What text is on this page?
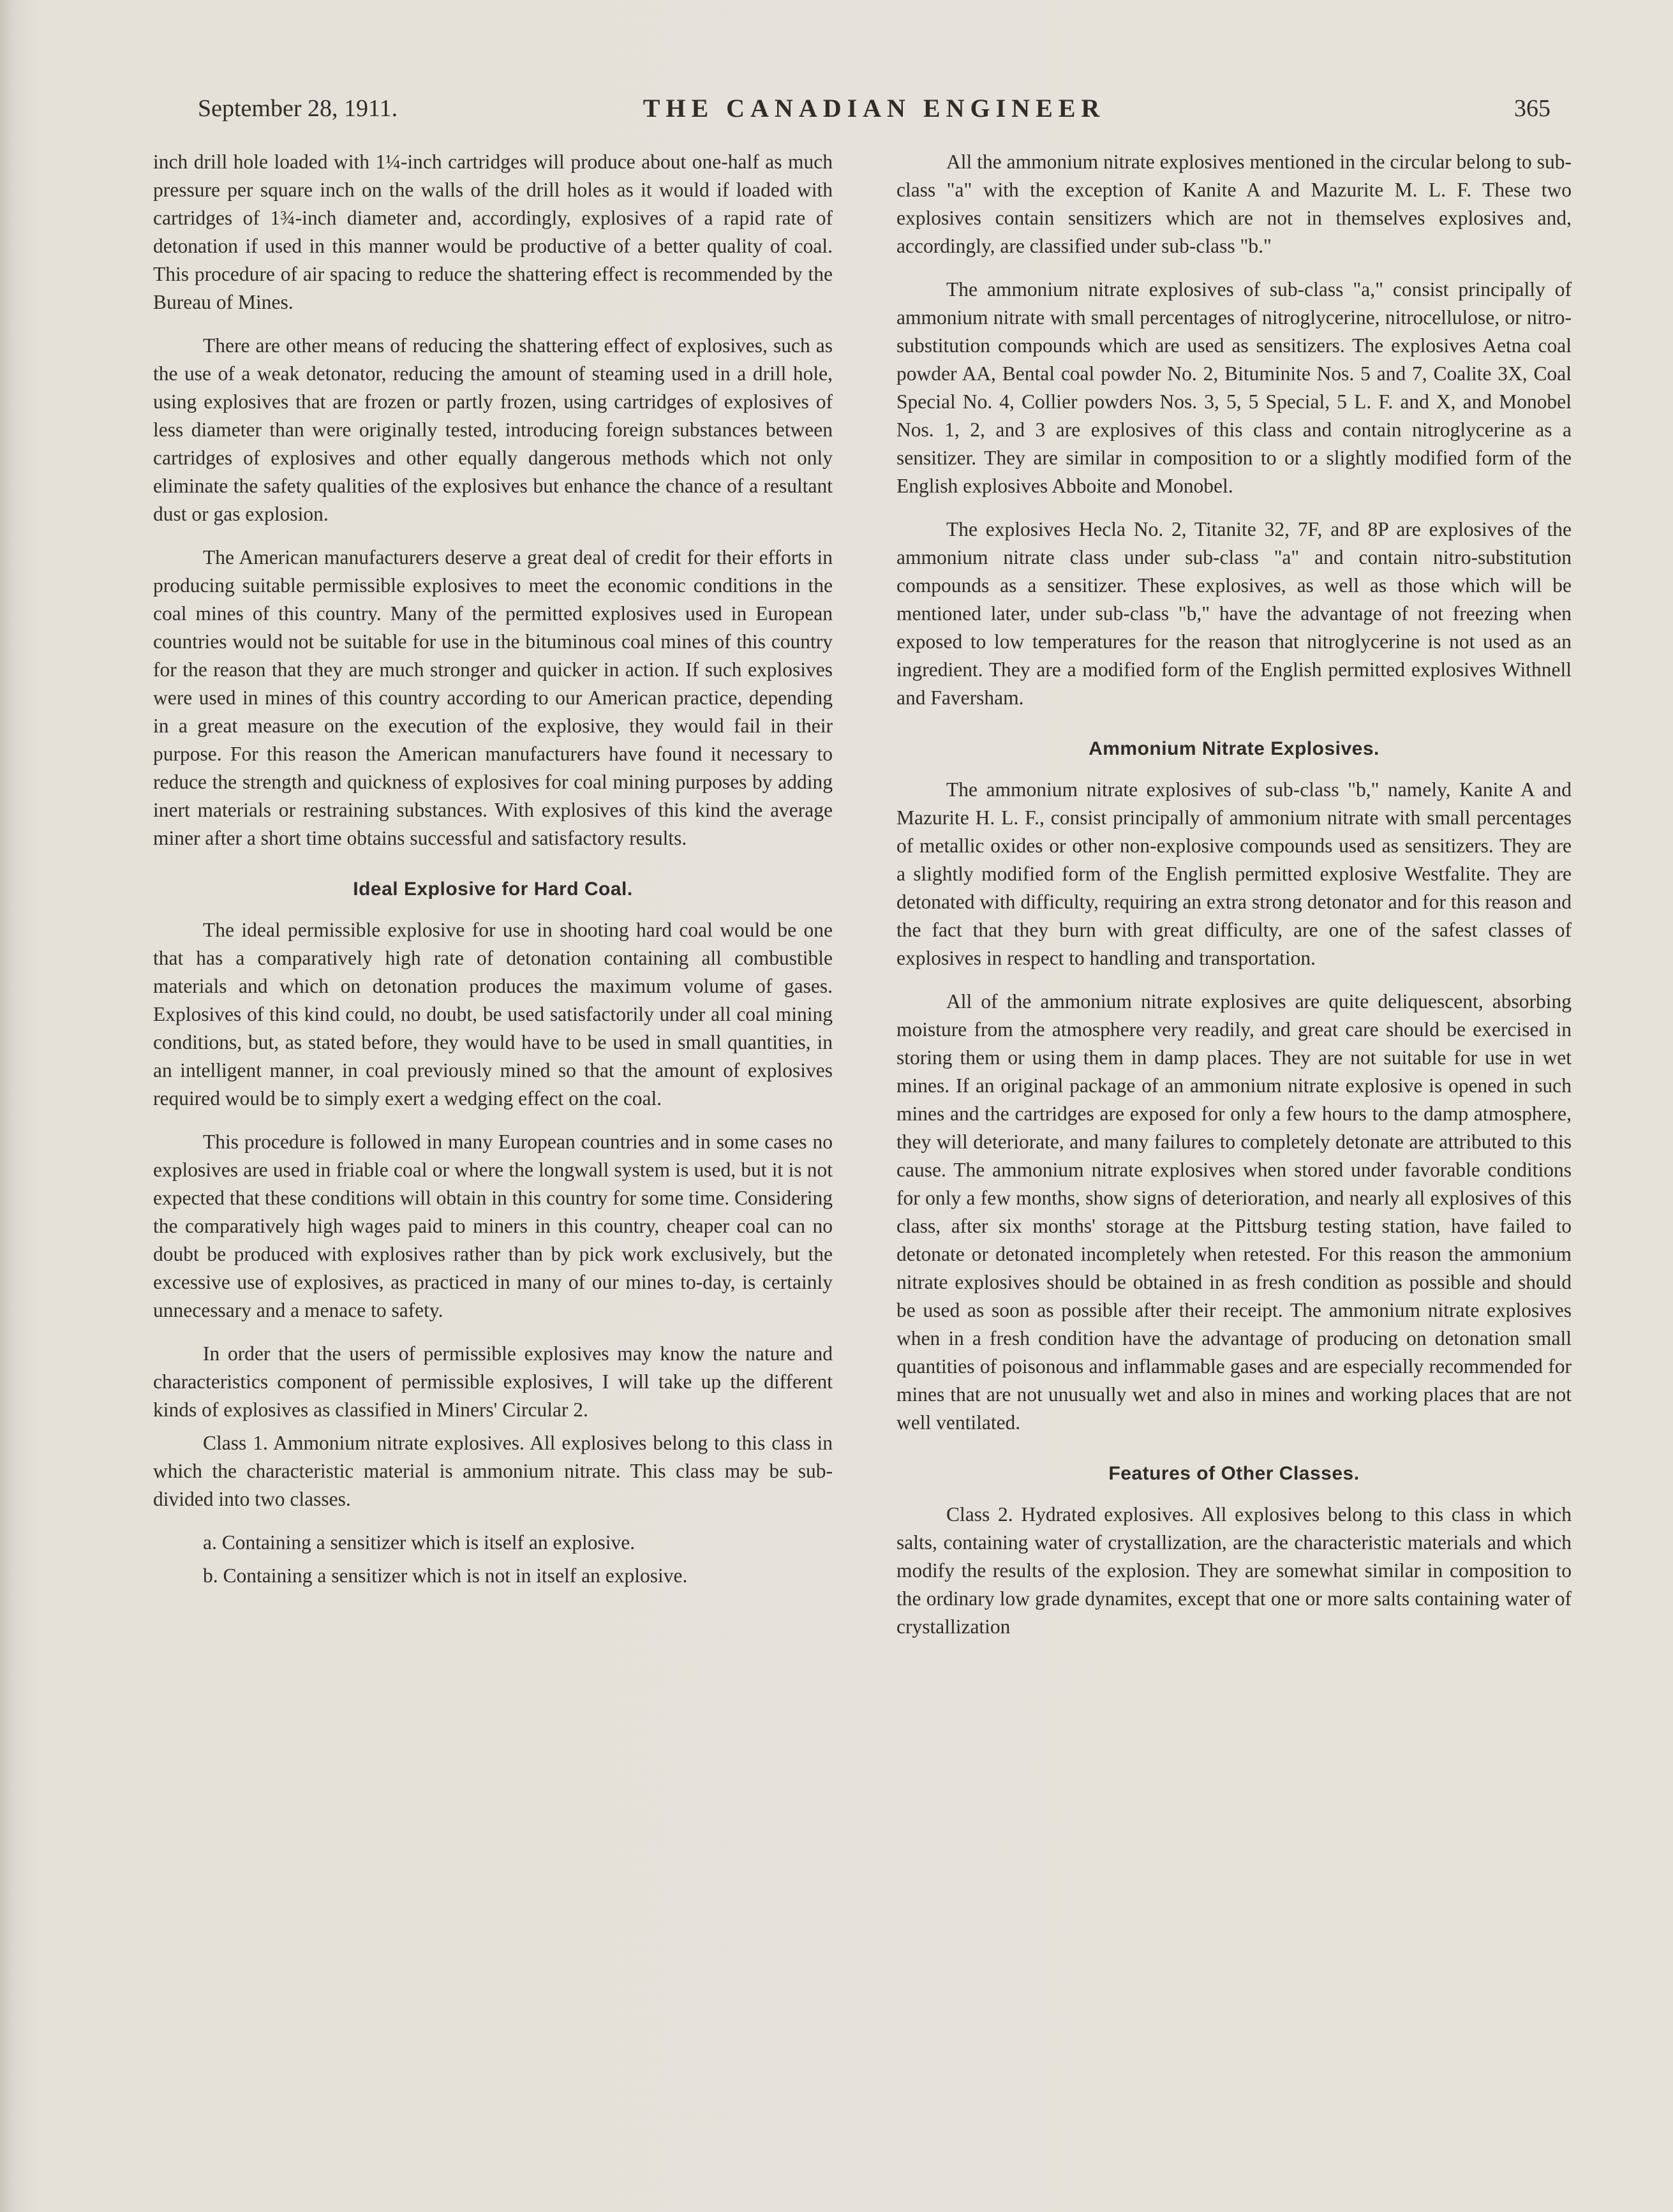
September 28, 1911.	THE CANADIAN ENGINEER	365

inch drill hole loaded with 1¼-inch cartridges will produce about one-half as much pressure per square inch on the walls of the drill holes as it would if loaded with cartridges of 1¾-inch diameter and, accordingly, explosives of a rapid rate of detonation if used in this manner would be productive of a better quality of coal. This procedure of air spacing to reduce the shattering effect is recommended by the Bureau of Mines.

There are other means of reducing the shattering effect of explosives, such as the use of a weak detonator, reducing the amount of steaming used in a drill hole, using explosives that are frozen or partly frozen, using cartridges of explosives of less diameter than were originally tested, introducing foreign substances between cartridges of explosives and other equally dangerous methods which not only eliminate the safety qualities of the explosives but enhance the chance of a resultant dust or gas explosion.

The American manufacturers deserve a great deal of credit for their efforts in producing suitable permissible explosives to meet the economic conditions in the coal mines of this country. Many of the permitted explosives used in European countries would not be suitable for use in the bituminous coal mines of this country for the reason that they are much stronger and quicker in action. If such explosives were used in mines of this country according to our American practice, depending in a great measure on the execution of the explosive, they would fail in their purpose. For this reason the American manufacturers have found it necessary to reduce the strength and quickness of explosives for coal mining purposes by adding inert materials or restraining substances. With explosives of this kind the average miner after a short time obtains successful and satisfactory results.

Ideal Explosive for Hard Coal.

The ideal permissible explosive for use in shooting hard coal would be one that has a comparatively high rate of detonation containing all combustible materials and which on detonation produces the maximum volume of gases. Explosives of this kind could, no doubt, be used satisfactorily under all coal mining conditions, but, as stated before, they would have to be used in small quantities, in an intelligent manner, in coal previously mined so that the amount of explosives required would be to simply exert a wedging effect on the coal.

This procedure is followed in many European countries and in some cases no explosives are used in friable coal or where the longwall system is used, but it is not expected that these conditions will obtain in this country for some time. Considering the comparatively high wages paid to miners in this country, cheaper coal can no doubt be produced with explosives rather than by pick work exclusively, but the excessive use of explosives, as practiced in many of our mines to-day, is certainly unnecessary and a menace to safety.

In order that the users of permissible explosives may know the nature and characteristics component of permissible explosives, I will take up the different kinds of explosives as classified in Miners' Circular 2.

Class 1. Ammonium nitrate explosives. All explosives belong to this class in which the characteristic material is ammonium nitrate. This class may be sub-divided into two classes.

a. Containing a sensitizer which is itself an explosive.

b. Containing a sensitizer which is not in itself an explosive.

All the ammonium nitrate explosives mentioned in the circular belong to sub-class "a" with the exception of Kanite A and Mazurite M. L. F. These two explosives contain sensitizers which are not in themselves explosives and, accordingly, are classified under sub-class "b."

The ammonium nitrate explosives of sub-class "a," consist principally of ammonium nitrate with small percentages of nitroglycerine, nitrocellulose, or nitro-substitution compounds which are used as sensitizers. The explosives Aetna coal powder AA, Bental coal powder No. 2, Bituminite Nos. 5 and 7, Coalite 3X, Coal Special No. 4, Collier powders Nos. 3, 5, 5 Special, 5 L. F. and X, and Monobel Nos. 1, 2, and 3 are explosives of this class and contain nitroglycerine as a sensitizer. They are similar in composition to or a slightly modified form of the English explosives Abboite and Monobel.

The explosives Hecla No. 2, Titanite 32, 7F, and 8P are explosives of the ammonium nitrate class under sub-class "a" and contain nitro-substitution compounds as a sensitizer. These explosives, as well as those which will be mentioned later, under sub-class "b," have the advantage of not freezing when exposed to low temperatures for the reason that nitroglycerine is not used as an ingredient. They are a modified form of the English permitted explosives Withnell and Faversham.

Ammonium Nitrate Explosives.

The ammonium nitrate explosives of sub-class "b," namely, Kanite A and Mazurite H. L. F., consist principally of ammonium nitrate with small percentages of metallic oxides or other non-explosive compounds used as sensitizers. They are a slightly modified form of the English permitted explosive Westfalite. They are detonated with difficulty, requiring an extra strong detonator and for this reason and the fact that they burn with great difficulty, are one of the safest classes of explosives in respect to handling and transportation.

All of the ammonium nitrate explosives are quite deliquescent, absorbing moisture from the atmosphere very readily, and great care should be exercised in storing them or using them in damp places. They are not suitable for use in wet mines. If an original package of an ammonium nitrate explosive is opened in such mines and the cartridges are exposed for only a few hours to the damp atmosphere, they will deteriorate, and many failures to completely detonate are attributed to this cause. The ammonium nitrate explosives when stored under favorable conditions for only a few months, show signs of deterioration, and nearly all explosives of this class, after six months' storage at the Pittsburg testing station, have failed to detonate or detonated incompletely when retested. For this reason the ammonium nitrate explosives should be obtained in as fresh condition as possible and should be used as soon as possible after their receipt. The ammonium nitrate explosives when in a fresh condition have the advantage of producing on detonation small quantities of poisonous and inflammable gases and are especially recommended for mines that are not unusually wet and also in mines and working places that are not well ventilated.

Features of Other Classes.

Class 2. Hydrated explosives. All explosives belong to this class in which salts, containing water of crystallization, are the characteristic materials and which modify the results of the explosion. They are somewhat similar in composition to the ordinary low grade dynamites, except that one or more salts containing water of crystallization
